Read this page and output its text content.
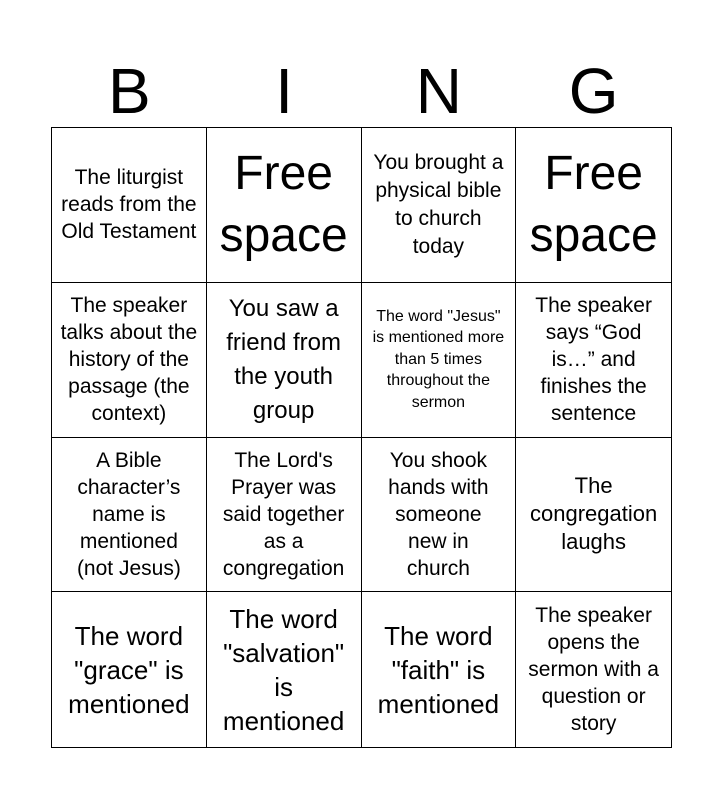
B	I	N	G
The liturgist reads from the Old Testament
Free space
You brought a physical bible to church today
Free space
The speaker talks about the history of the passage (the context)
You saw a friend from the youth group
The word "Jesus" is mentioned more than 5 times throughout the sermon
The speaker says “God is…” and finishes the sentence
A Bible character’s name is mentioned (not Jesus)
The Lord's Prayer was said together as a congregation
You shook hands with someone new in church
The congregation laughs
The word "grace" is mentioned
The word "salvation" is mentioned
The word "faith" is mentioned
The speaker opens the sermon with a question or story
